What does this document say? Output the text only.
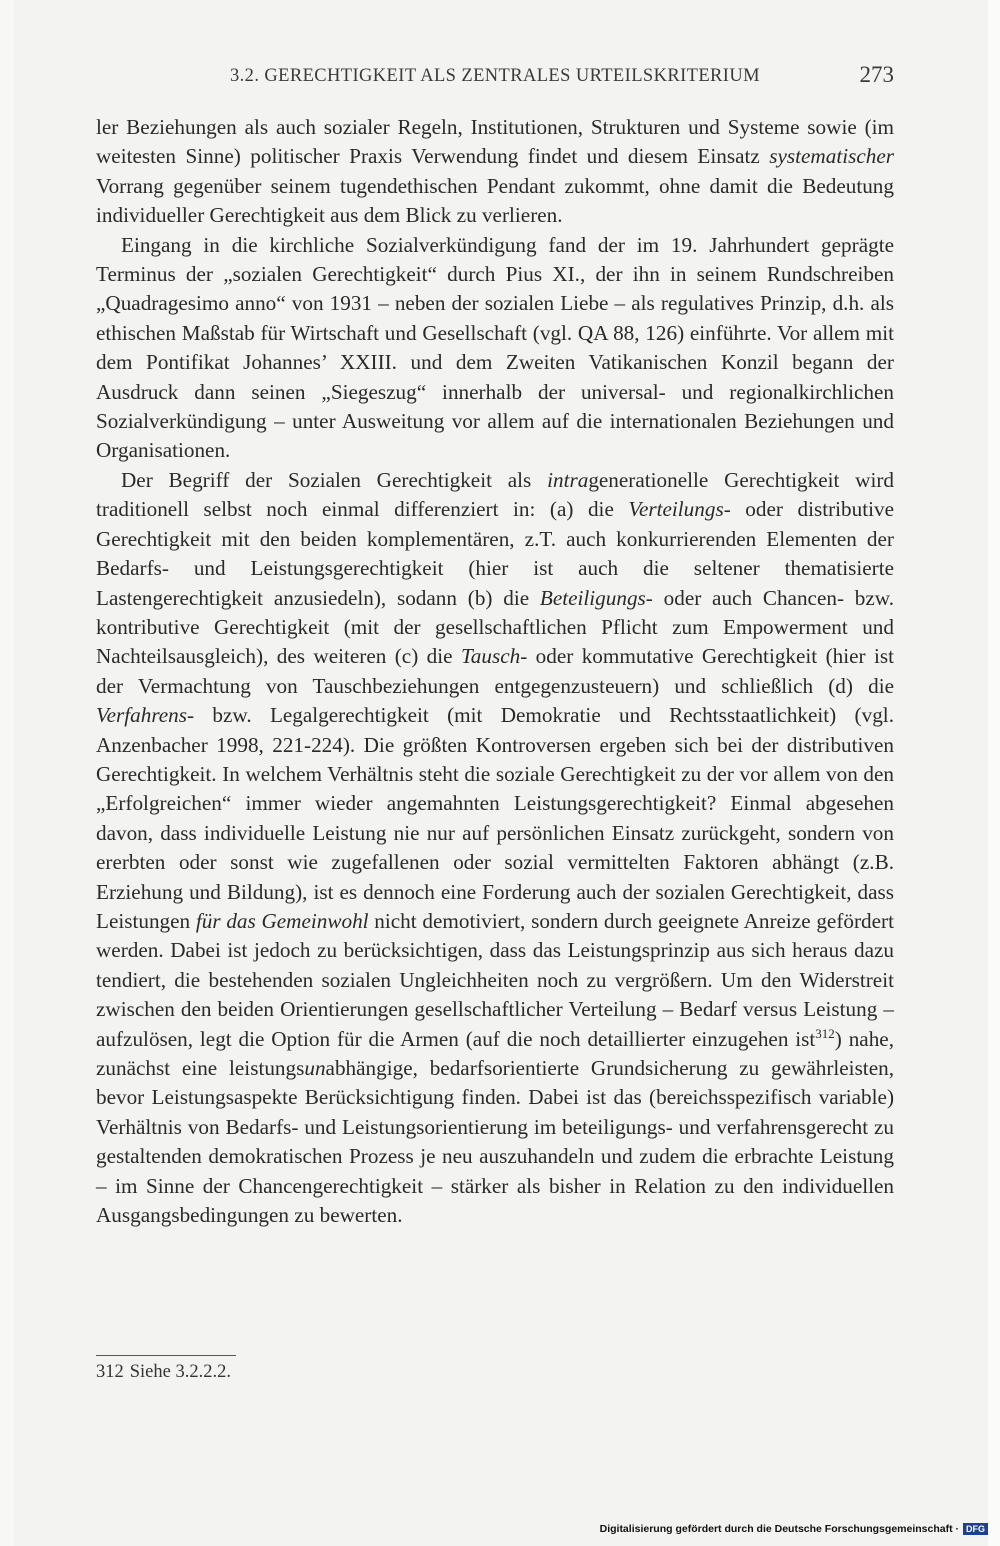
3.2. GERECHTIGKEIT ALS ZENTRALES URTEILSKRITERIUM	273

ler Beziehungen als auch sozialer Regeln, Institutionen, Strukturen und Systeme sowie (im weitesten Sinne) politischer Praxis Verwendung findet und diesem Einsatz systematischer Vorrang gegenüber seinem tugendethischen Pendant zukommt, ohne damit die Bedeutung individueller Gerechtigkeit aus dem Blick zu verlieren.

Eingang in die kirchliche Sozialverkündigung fand der im 19. Jahrhundert geprägte Terminus der „sozialen Gerechtigkeit“ durch Pius XI., der ihn in seinem Rundschreiben „Quadragesimo anno“ von 1931 – neben der sozialen Liebe – als regulatives Prinzip, d.h. als ethischen Maßstab für Wirtschaft und Gesellschaft (vgl. QA 88, 126) einführte. Vor allem mit dem Pontifikat Johannes’ XXIII. und dem Zweiten Vatikanischen Konzil begann der Ausdruck dann seinen „Siegeszug“ innerhalb der universal- und regionalkirchlichen Sozialverkündigung – unter Ausweitung vor allem auf die internationalen Beziehungen und Organisationen.

Der Begriff der Sozialen Gerechtigkeit als intragenerationelle Gerechtigkeit wird traditionell selbst noch einmal differenziert in: (a) die Verteilungs- oder distributive Gerechtigkeit mit den beiden komplementären, z.T. auch konkurrierenden Elementen der Bedarfs- und Leistungsgerechtigkeit (hier ist auch die seltener thematisierte Lastengerechtigkeit anzusiedeln), sodann (b) die Beteiligungs- oder auch Chancen- bzw. kontributive Gerechtigkeit (mit der gesellschaftlichen Pflicht zum Empowerment und Nachteilsausgleich), des weiteren (c) die Tausch- oder kommutative Gerechtigkeit (hier ist der Vermachtung von Tauschbeziehungen entgegenzusteuern) und schließlich (d) die Verfahrens- bzw. Legalgerechtigkeit (mit Demokratie und Rechtsstaatlichkeit) (vgl. Anzenbacher 1998, 221-224). Die größten Kontroversen ergeben sich bei der distributiven Gerechtigkeit. In welchem Verhältnis steht die soziale Gerechtigkeit zu der vor allem von den „Erfolgreichen“ immer wieder angemahnten Leistungsgerechtigkeit? Einmal abgesehen davon, dass individuelle Leistung nie nur auf persönlichen Einsatz zurückgeht, sondern von ererbten oder sonst wie zugefallenen oder sozial vermittelten Faktoren abhängt (z.B. Erziehung und Bildung), ist es dennoch eine Forderung auch der sozialen Gerechtigkeit, dass Leistungen für das Gemeinwohl nicht demotiviert, sondern durch geeignete Anreize gefördert werden. Dabei ist jedoch zu berücksichtigen, dass das Leistungsprinzip aus sich heraus dazu tendiert, die bestehenden sozialen Ungleichheiten noch zu vergrößern. Um den Widerstreit zwischen den beiden Orientierungen gesellschaftlicher Verteilung – Bedarf versus Leistung – aufzulösen, legt die Option für die Armen (auf die noch detaillierter einzugehen ist$^{312}$) nahe, zunächst eine leistungsunabhängige, bedarfsorientierte Grundsicherung zu gewährleisten, bevor Leistungsaspekte Berücksichtigung finden. Dabei ist das (bereichsspezifisch variable) Verhältnis von Bedarfs- und Leistungsorientierung im beteiligungs- und verfahrensgerecht zu gestaltenden demokratischen Prozess je neu auszuhandeln und zudem die erbrachte Leistung – im Sinne der Chancengerechtigkeit – stärker als bisher in Relation zu den individuellen Ausgangsbedingungen zu bewerten.

312 Siehe 3.2.2.2.
Digitalisierung gefördert durch die Deutsche Forschungsgemeinschaft · DFG
